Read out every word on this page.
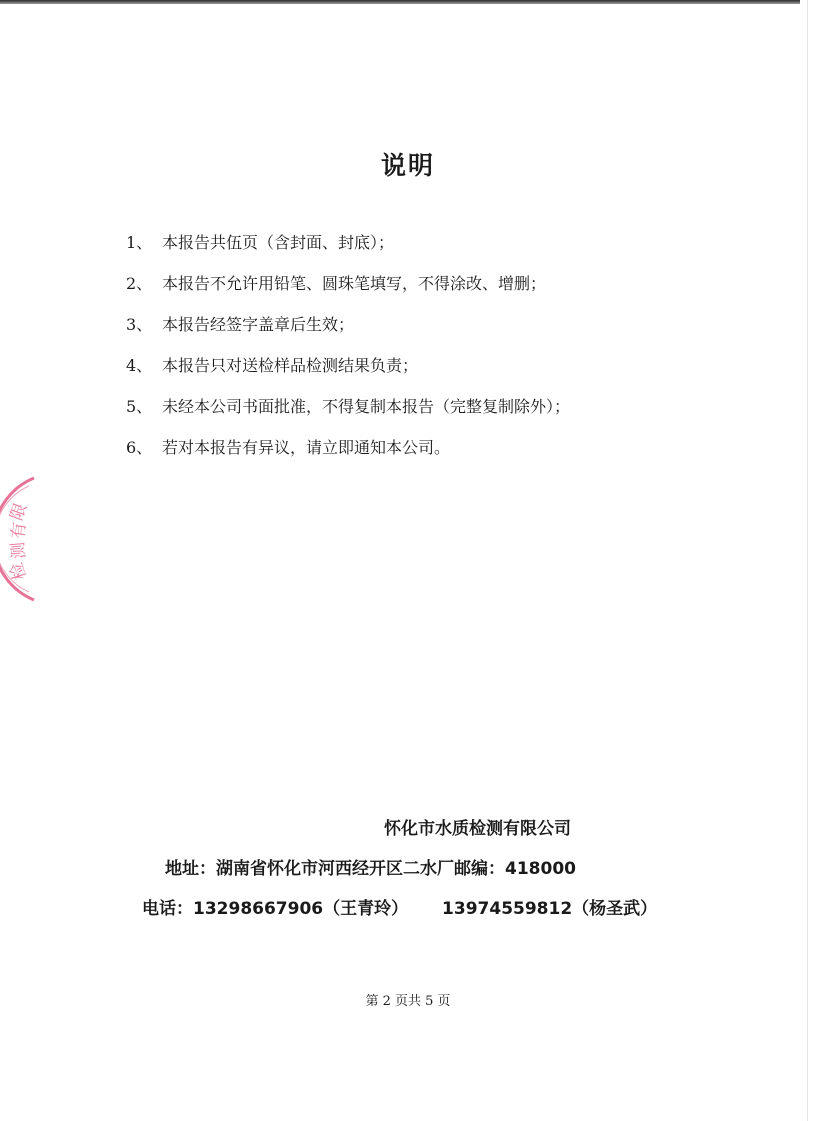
说明
1、 本报告共伍页（含封面、封底）；
2、 本报告不允许用铅笔、圆珠笔填写，不得涂改、增删；
3、 本报告经签字盖章后生效；
4、 本报告只对送检样品检测结果负责；
5、 未经本公司书面批准，不得复制本报告（完整复制除外）；
6、 若对本报告有异议，请立即通知本公司。
限
有
测
检
怀化市水质检测有限公司
地址：湖南省怀化市河西经开区二水厂邮编：418000
电话：13298667906（王青玲） 13974559812（杨圣武）
第 2 页共 5 页
